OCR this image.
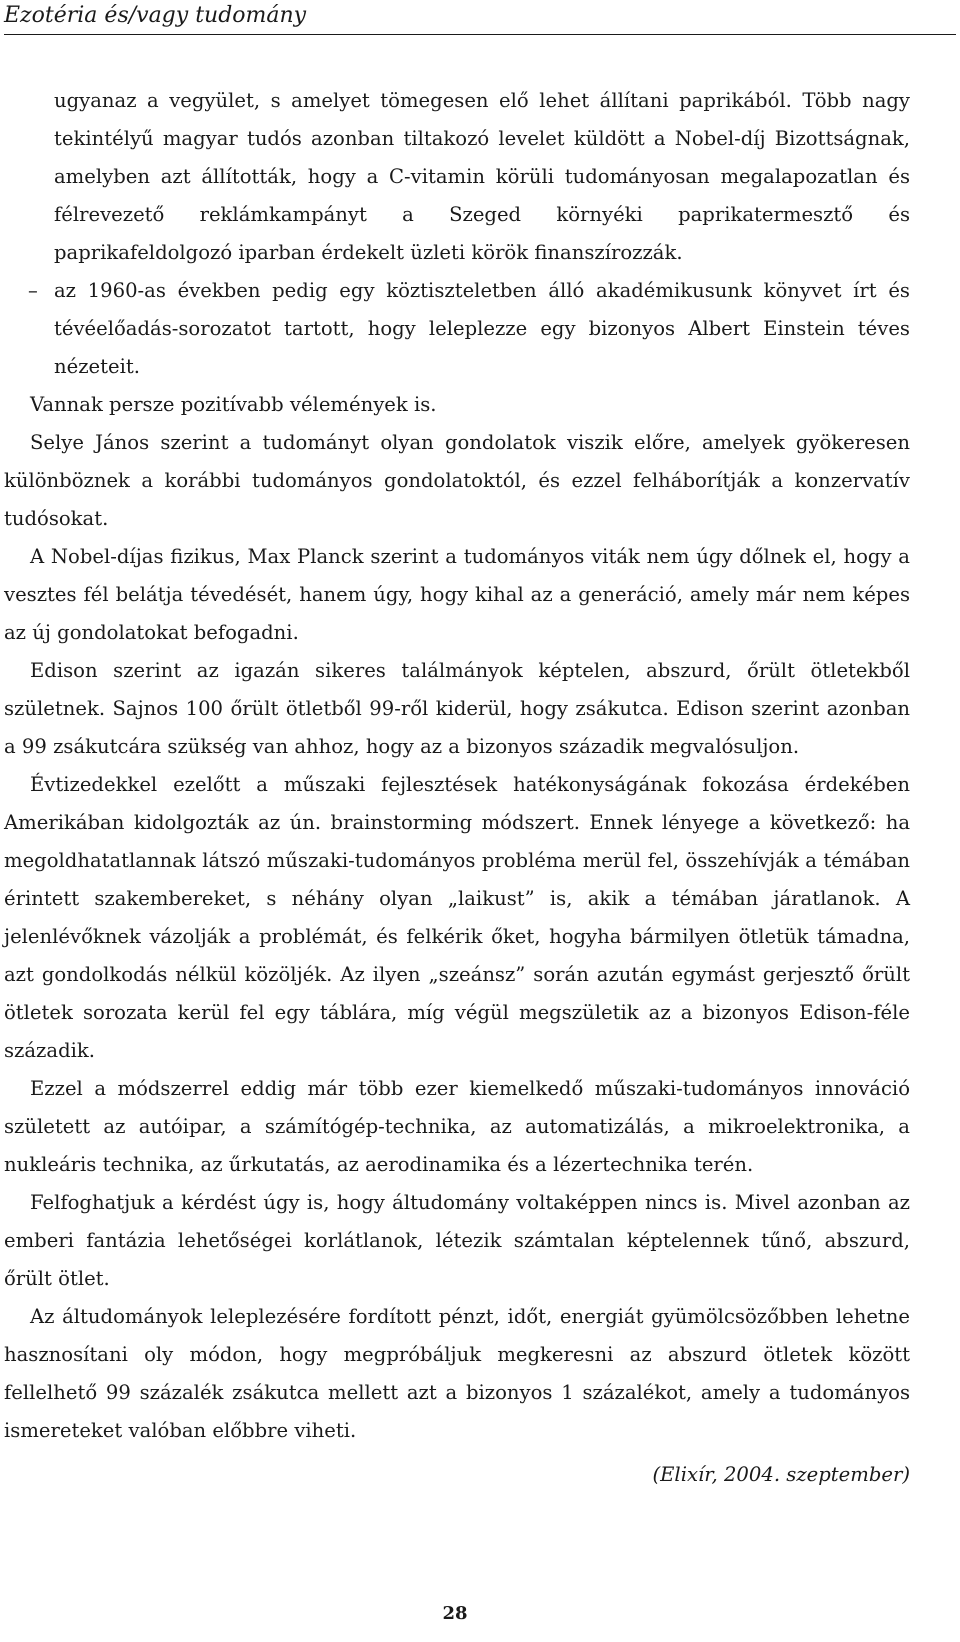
Ezotéria és/vagy tudomány

ugyanaz a vegyület, s amelyet tömegesen elő lehet állítani paprikából. Több nagy tekintélyű magyar tudós azonban tiltakozó levelet küldött a Nobel-díj Bizottságnak, amelyben azt állították, hogy a C-vitamin körüli tudományosan megalapozatlan és félrevezető reklámkampányt a Szeged környéki paprikatermesztő és paprikafeldolgozó iparban érdekelt üzleti körök finanszírozzák.

– az 1960-as években pedig egy köztiszteletben álló akadémikusunk könyvet írt és tévéelőadás-sorozatot tartott, hogy leleplezze egy bizonyos Albert Einstein téves nézeteit.

Vannak persze pozitívabb vélemények is.

Selye János szerint a tudományt olyan gondolatok viszik előre, amelyek gyökeresen különböznek a korábbi tudományos gondolatoktól, és ezzel felháborítják a konzervatív tudósokat.

A Nobel-díjas fizikus, Max Planck szerint a tudományos viták nem úgy dőlnek el, hogy a vesztes fél belátja tévedését, hanem úgy, hogy kihal az a generáció, amely már nem képes az új gondolatokat befogadni.

Edison szerint az igazán sikeres találmányok képtelen, abszurd, őrült ötletekből születnek. Sajnos 100 őrült ötletből 99-ről kiderül, hogy zsákutca. Edison szerint azonban a 99 zsákutcára szükség van ahhoz, hogy az a bizonyos századik megvalósuljon.

Évtizedekkel ezelőtt a műszaki fejlesztések hatékonyságának fokozása érdekében Amerikában kidolgozták az ún. brainstorming módszert. Ennek lényege a következő: ha megoldhatatlannak látszó műszaki-tudományos probléma merül fel, összehívják a témában érintett szakembereket, s néhány olyan „laikust” is, akik a témában járatlanok. A jelenlévőknek vázolják a problémát, és felkérik őket, hogyha bármilyen ötletük támadna, azt gondolkodás nélkül közöljék. Az ilyen „szeánsz” során azután egymást gerjesztő őrült ötletek sorozata kerül fel egy táblára, míg végül megszületik az a bizonyos Edison-féle századik.

Ezzel a módszerrel eddig már több ezer kiemelkedő műszaki-tudományos innováció született az autóipar, a számítógép-technika, az automatizálás, a mikroelektronika, a nukleáris technika, az űrkutatás, az aerodinamika és a lézertechnika terén.

Felfoghatjuk a kérdést úgy is, hogy áltudomány voltaképpen nincs is. Mivel azonban az emberi fantázia lehetőségei korlátlanok, létezik számtalan képtelennek tűnő, abszurd, őrült ötlet.

Az áltudományok leleplezésére fordított pénzt, időt, energiát gyümölcsözőbben lehetne hasznosítani oly módon, hogy megpróbáljuk megkeresni az abszurd ötletek között fellelhető 99 százalék zsákutca mellett azt a bizonyos 1 százalékot, amely a tudományos ismereteket valóban előbbre viheti.

(Elixír, 2004. szeptember)

28
